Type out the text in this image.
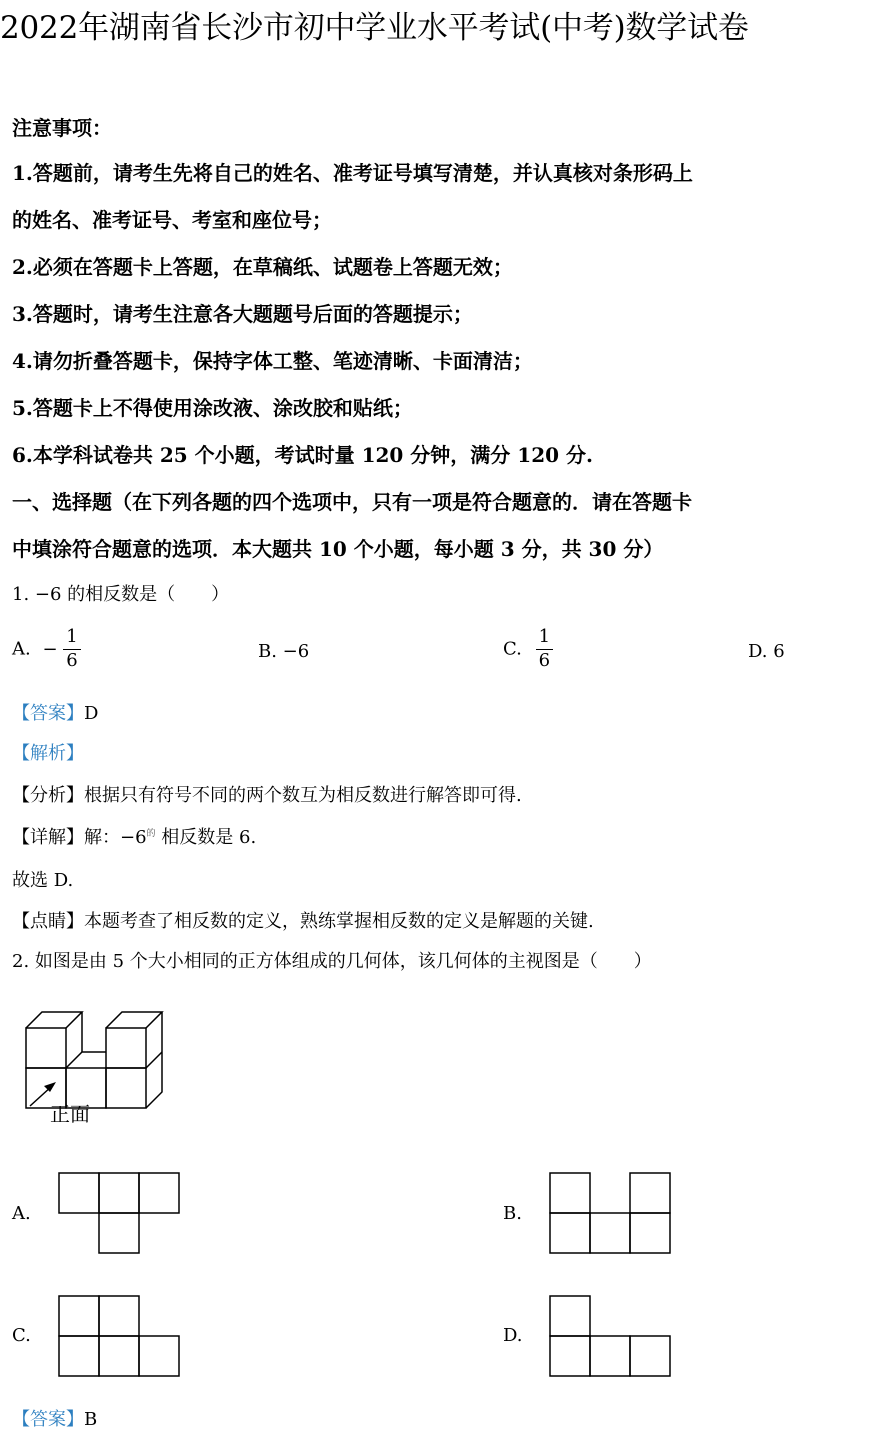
2022年湖南省长沙市初中学业水平考试(中考)数学试卷
注意事项：
1.答题前，请考生先将自己的姓名、准考证号填写清楚，并认真核对条形码上
的姓名、准考证号、考室和座位号；
2.必须在答题卡上答题，在草稿纸、试题卷上答题无效；
3.答题时，请考生注意各大题题号后面的答题提示；
4.请勿折叠答题卡，保持字体工整、笔迹清晰、卡面清洁；
5.答题卡上不得使用涂改液、涂改胶和贴纸；
6.本学科试卷共 25 个小题，考试时量 120 分钟，满分 120 分.
一、选择题（在下列各题的四个选项中，只有一项是符合题意的．请在答题卡
中填涂符合题意的选项．本大题共 10 个小题，每小题 3 分，共 30 分）
1. −6 的相反数是（　　）
A. − $\frac{1}{6}$	B. −6	C. $\frac{1}{6}$	D. 6
【答案】D
【解析】
【分析】根据只有符号不同的两个数互为相反数进行解答即可得.
【详解】解：$-6^的$ 相反数是 6.
故选 D.
【点睛】本题考查了相反数的定义，熟练掌握相反数的定义是解题的关键.
2. 如图是由 5 个大小相同的正方体组成的几何体，该几何体的主视图是（　　）
正面
A.	B.
C.	D.
【答案】B
